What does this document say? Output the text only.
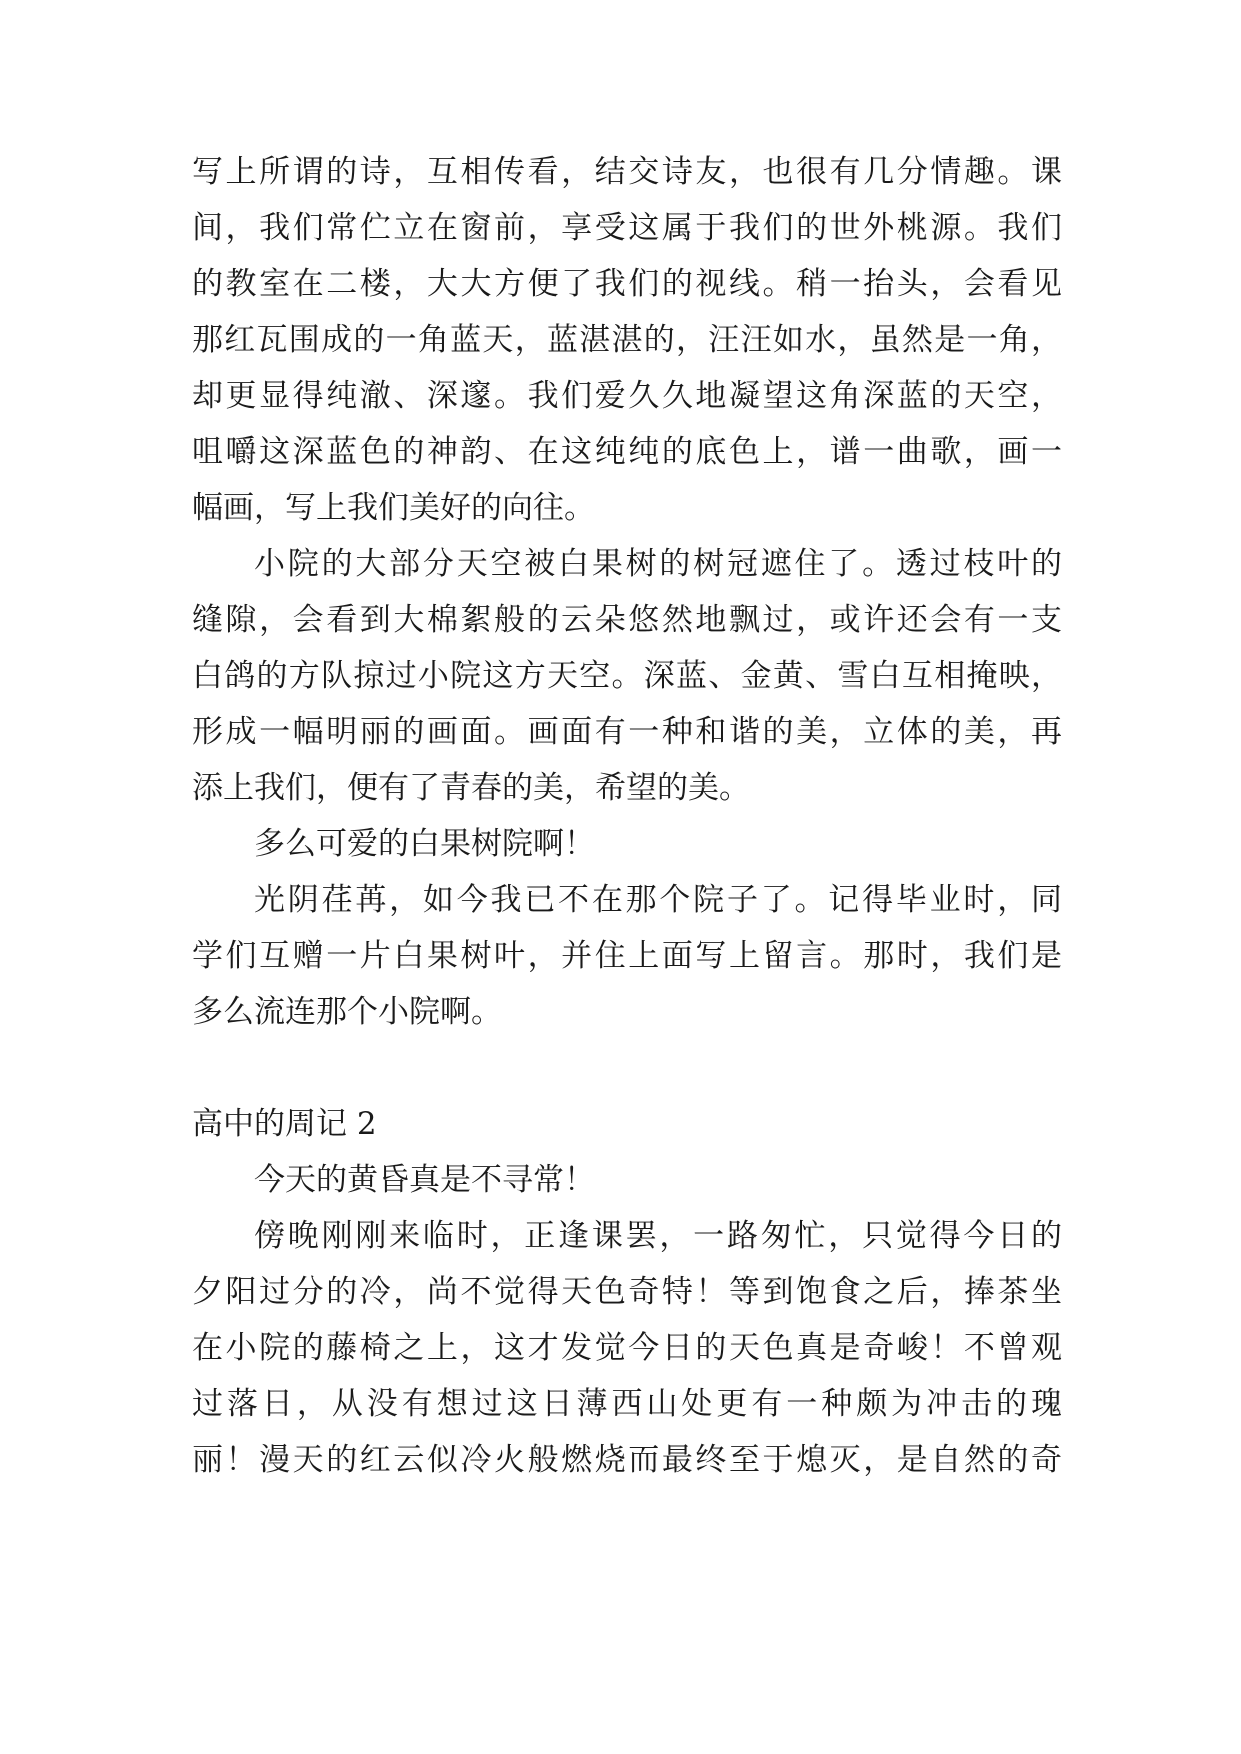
写上所谓的诗，互相传看，结交诗友，也很有几分情趣。课
间，我们常伫立在窗前，享受这属于我们的世外桃源。我们
的教室在二楼，大大方便了我们的视线。稍一抬头，会看见
那红瓦围成的一角蓝天，蓝湛湛的，汪汪如水，虽然是一角，
却更显得纯澈、深邃。我们爱久久地凝望这角深蓝的天空，
咀嚼这深蓝色的神韵、在这纯纯的底色上，谱一曲歌，画一
幅画，写上我们美好的向往。
小院的大部分天空被白果树的树冠遮住了。透过枝叶的
缝隙，会看到大棉絮般的云朵悠然地飘过，或许还会有一支
白鸽的方队掠过小院这方天空。深蓝、金黄、雪白互相掩映，
形成一幅明丽的画面。画面有一种和谐的美，立体的美，再
添上我们，便有了青春的美，希望的美。
多么可爱的白果树院啊！
光阴荏苒，如今我已不在那个院子了。记得毕业时，同
学们互赠一片白果树叶，并住上面写上留言。那时，我们是
多么流连那个小院啊。
高中的周记 2
今天的黄昏真是不寻常！
傍晚刚刚来临时，正逢课罢，一路匆忙，只觉得今日的
夕阳过分的冷，尚不觉得天色奇特！等到饱食之后，捧茶坐
在小院的藤椅之上，这才发觉今日的天色真是奇峻！不曾观
过落日，从没有想过这日薄西山处更有一种颇为冲击的瑰
丽！漫天的红云似冷火般燃烧而最终至于熄灭，是自然的奇
